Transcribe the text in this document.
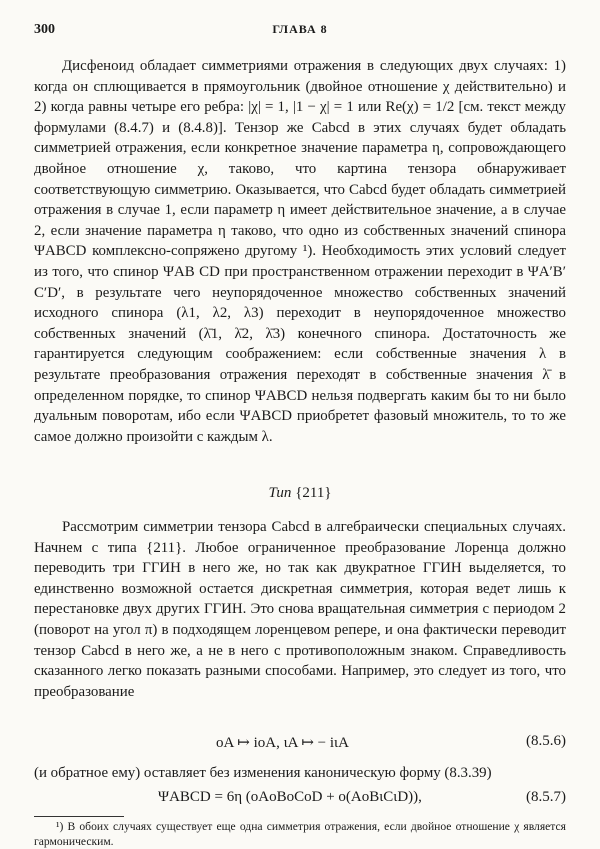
300	ГЛАВА 8

Дисфеноид обладает симметриями отражения в следующих двух случаях: 1) когда он сплющивается в прямоугольник (двойное отношение χ действительно) и 2) когда равны четыре его ребра: |χ| = 1, |1 − χ| = 1 или Re(χ) = 1/2 [см. текст между формулами (8.4.7) и (8.4.8)]. Тензор же Cabcd в этих случаях будет обладать симметрией отражения, если конкретное значение параметра η, сопровождающего двойное отношение χ, таково, что картина тензора обнаруживает соответствующую симметрию. Оказывается, что Cabcd будет обладать симметрией отражения в случае 1, если параметр η имеет действительное значение, а в случае 2, если значение параметра η таково, что одно из собственных значений спинора ΨABCD комплексно-сопряжено другому ¹). Необходимость этих условий следует из того, что спинор ΨAB CD при пространственном отражении переходит в ΨA′B′ C′D′, в результате чего неупорядоченное множество собственных значений исходного спинора (λ1, λ2, λ3) переходит в неупорядоченное множество собственных значений (λ̄1, λ̄2, λ̄3) конечного спинора. Достаточность же гарантируется следующим соображением: если собственные значения λ в результате преобразования отражения переходят в собственные значения λ̄ в определенном порядке, то спинор ΨABCD нельзя подвергать каким бы то ни было дуальным поворотам, ибо если ΨABCD приобретет фазовый множитель, то то же самое должно произойти с каждым λ.

Тип {211}

Рассмотрим симметрии тензора Cabcd в алгебраически специальных случаях. Начнем с типа {211}. Любое ограниченное преобразование Лоренца должно переводить три ГГИН в него же, но так как двукратное ГГИН выделяется, то единственно возможной остается дискретная симметрия, которая ведет лишь к перестановке двух других ГГИН. Это снова вращательная симметрия с периодом 2 (поворот на угол π) в подходящем лоренцевом репере, и она фактически переводит тензор Cabcd в него же, а не в него с противоположным знаком. Справедливость сказанного легко показать разными способами. Например, это следует из того, что преобразование

oA ↦ ioA, ιA ↦ − iιA	(8.5.6)

(и обратное ему) оставляет без изменения каноническую форму (8.3.39)

ΨABCD = 6η (oAoBoCoD + o(AoBιCιD)),	(8.5.7)
¹) В обоих случаях существует еще одна симметрия отражения, если двойное отношение χ является гармоническим.
